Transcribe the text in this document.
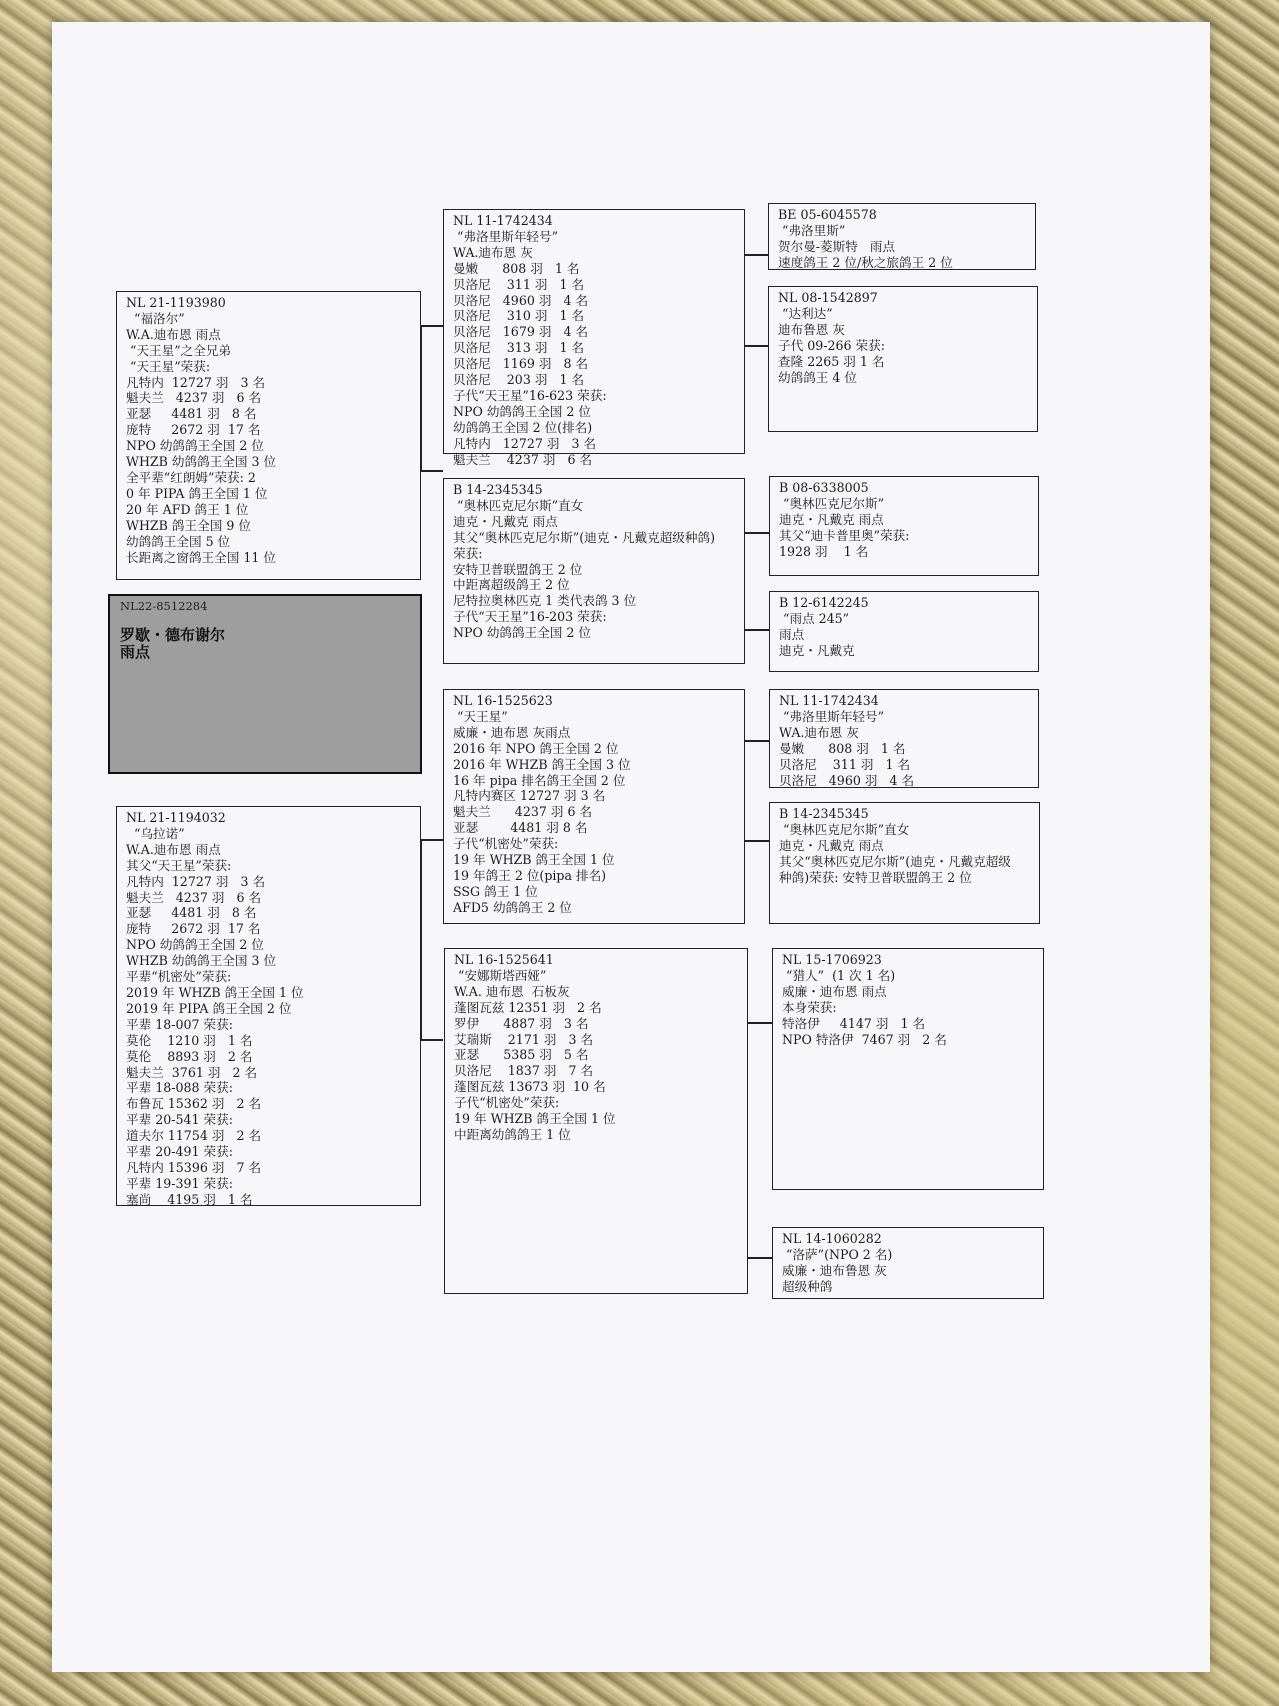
NL 21-1193980
“福洛尔”
W.A.迪布恩 雨点
“天王星”之全兄弟
“天王星”荣获:
凡特内  12727 羽   3 名
魁夫兰   4237 羽   6 名
亚瑟     4481 羽   8 名
庞特     2672 羽  17 名
NPO 幼鸽鸽王全国 2 位
WHZB 幼鸽鸽王全国 3 位
全平辈“红朗姆”荣获: 2
0 年 PIPA 鸽王全国 1 位
20 年 AFD 鸽王 1 位
WHZB 鸽王全国 9 位
幼鸽鸽王全国 5 位
长距离之窗鸽王全国 11 位
NL22-8512284
罗歇・德布谢尔
雨点
NL 21-1194032
“乌拉诺”
W.A.迪布恩 雨点
其父“天王星”荣获:
凡特内  12727 羽   3 名
魁夫兰   4237 羽   6 名
亚瑟     4481 羽   8 名
庞特     2672 羽  17 名
NPO 幼鸽鸽王全国 2 位
WHZB 幼鸽鸽王全国 3 位
平辈“机密处”荣获:
2019 年 WHZB 鸽王全国 1 位
2019 年 PIPA 鸽王全国 2 位
平辈 18-007 荣获:
莫伦    1210 羽   1 名
莫伦    8893 羽   2 名
魁夫兰  3761 羽   2 名
平辈 18-088 荣获:
布鲁瓦 15362 羽   2 名
平辈 20-541 荣获:
道夫尔 11754 羽   2 名
平辈 20-491 荣获:
凡特内 15396 羽   7 名
平辈 19-391 荣获:
塞尚    4195 羽   1 名
NL 11-1742434
“弗洛里斯年轻号”
WA.迪布恩 灰
曼嫩      808 羽   1 名
贝洛尼    311 羽   1 名
贝洛尼   4960 羽   4 名
贝洛尼    310 羽   1 名
贝洛尼   1679 羽   4 名
贝洛尼    313 羽   1 名
贝洛尼   1169 羽   8 名
贝洛尼    203 羽   1 名
子代“天王星”16-623 荣获:
NPO 幼鸽鸽王全国 2 位
幼鸽鸽王全国 2 位(排名)
凡特内   12727 羽   3 名
魁夫兰    4237 羽   6 名
B 14-2345345
“奥林匹克尼尔斯”直女
迪克・凡戴克 雨点
其父“奥林匹克尼尔斯”(迪克・凡戴克超级种鸽)
荣获:
安特卫普联盟鸽王 2 位
中距离超级鸽王 2 位
尼特拉奥林匹克 1 类代表鸽 3 位
子代“天王星”16-203 荣获:
NPO 幼鸽鸽王全国 2 位
NL 16-1525623
“天王星”
威廉・迪布恩 灰雨点
2016 年 NPO 鸽王全国 2 位
2016 年 WHZB 鸽王全国 3 位
16 年 pipa 排名鸽王全国 2 位
凡特内赛区 12727 羽 3 名
魁夫兰      4237 羽 6 名
亚瑟        4481 羽 8 名
子代“机密处”荣获:
19 年 WHZB 鸽王全国 1 位
19 年鸽王 2 位(pipa 排名)
SSG 鸽王 1 位
AFD5 幼鸽鸽王 2 位
NL 16-1525641
“安娜斯塔西娅”
W.A. 迪布恩  石板灰
蓬图瓦兹 12351 羽   2 名
罗伊      4887 羽   3 名
艾瑞斯    2171 羽   3 名
亚瑟      5385 羽   5 名
贝洛尼    1837 羽   7 名
蓬图瓦兹 13673 羽  10 名
子代“机密处”荣获:
19 年 WHZB 鸽王全国 1 位
中距离幼鸽鸽王 1 位
BE 05-6045578
“弗洛里斯”
贺尔曼-菱斯特   雨点
速度鸽王 2 位/秋之旅鸽王 2 位
NL 08-1542897
“达利达”
迪布鲁恩 灰
子代 09-266 荣获:
查隆 2265 羽 1 名
幼鸽鸽王 4 位
B 08-6338005
“奥林匹克尼尔斯”
迪克・凡戴克 雨点
其父“迪卡普里奥”荣获:
1928 羽    1 名
B 12-6142245
“雨点 245”
雨点
迪克・凡戴克
NL 11-1742434
“弗洛里斯年轻号”
WA.迪布恩 灰
曼嫩      808 羽   1 名
贝洛尼    311 羽   1 名
贝洛尼   4960 羽   4 名
B 14-2345345
“奥林匹克尼尔斯”直女
迪克・凡戴克 雨点
其父“奥林匹克尼尔斯”(迪克・凡戴克超级
种鸽)荣获: 安特卫普联盟鸽王 2 位
NL 15-1706923
“猎人”  (1 次 1 名)
威廉・迪布恩 雨点
本身荣获:
特洛伊     4147 羽   1 名
NPO 特洛伊  7467 羽   2 名
NL 14-1060282
“洛萨”(NPO 2 名)
威廉・迪布鲁恩 灰
超级种鸽
